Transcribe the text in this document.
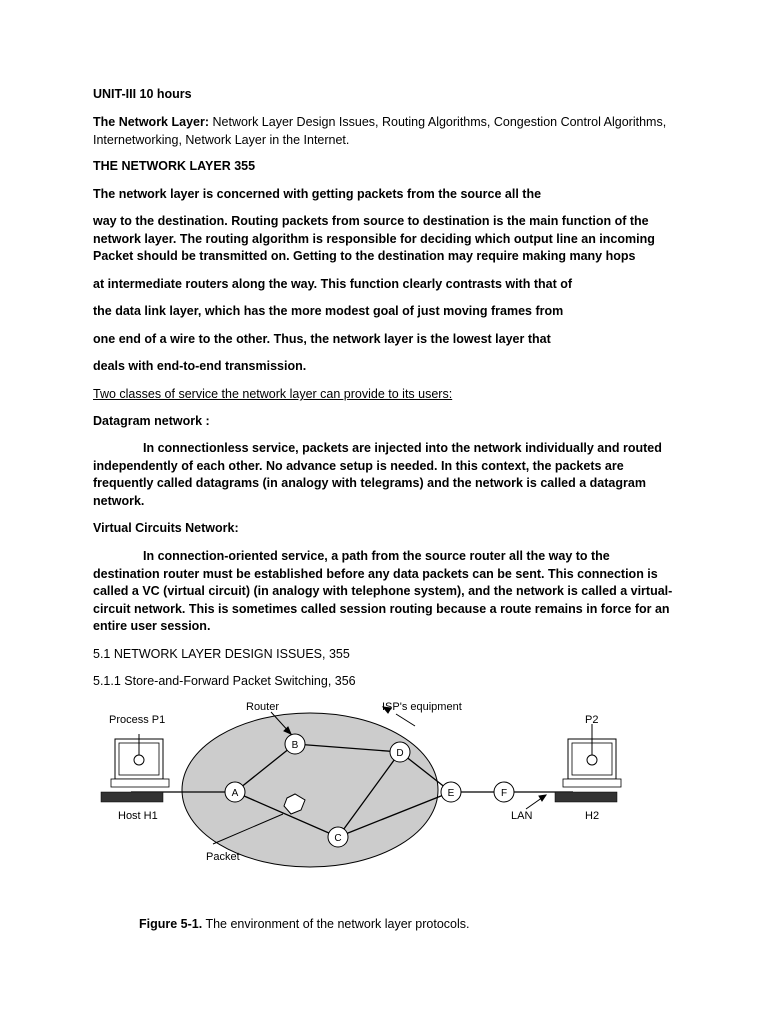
UNIT-III 10 hours
The Network Layer: Network Layer Design Issues, Routing Algorithms, Congestion Control Algorithms, Internetworking, Network Layer in the Internet.
THE NETWORK LAYER 355
The network layer is concerned with getting packets from the source all the
way to the destination. Routing packets from source to destination is the main function of the network layer. The routing algorithm is responsible for deciding which output line an incoming Packet should be transmitted on. Getting to the destination may require making many hops
at intermediate routers along the way. This function clearly contrasts with that of
the data link layer, which has the more modest goal of just moving frames from
one end of a wire to the other. Thus, the network layer is the lowest layer that
deals with end-to-end transmission.
Two classes of service the network layer can provide to its users:
Datagram network :
In connectionless service, packets are injected into the network individually and routed independently of each other. No advance setup is needed. In this context, the packets are frequently called datagrams (in analogy with telegrams) and the network is called a datagram network.
Virtual Circuits Network:
In connection-oriented service, a path from the source router all the way to the destination router must be established before any data packets can be sent. This connection is called a VC (virtual circuit) (in analogy with telephone system), and the network is called a virtual-circuit network. This is sometimes called session routing because a route remains in force for an entire user session.
5.1 NETWORK LAYER DESIGN ISSUES, 355
5.1.1 Store-and-Forward Packet Switching, 356
A
B
C
D
E	F
Process P1
Router	ISP's equipment
P2
Host H1	LAN	H2
Packet
Figure 5-1. The environment of the network layer protocols.
